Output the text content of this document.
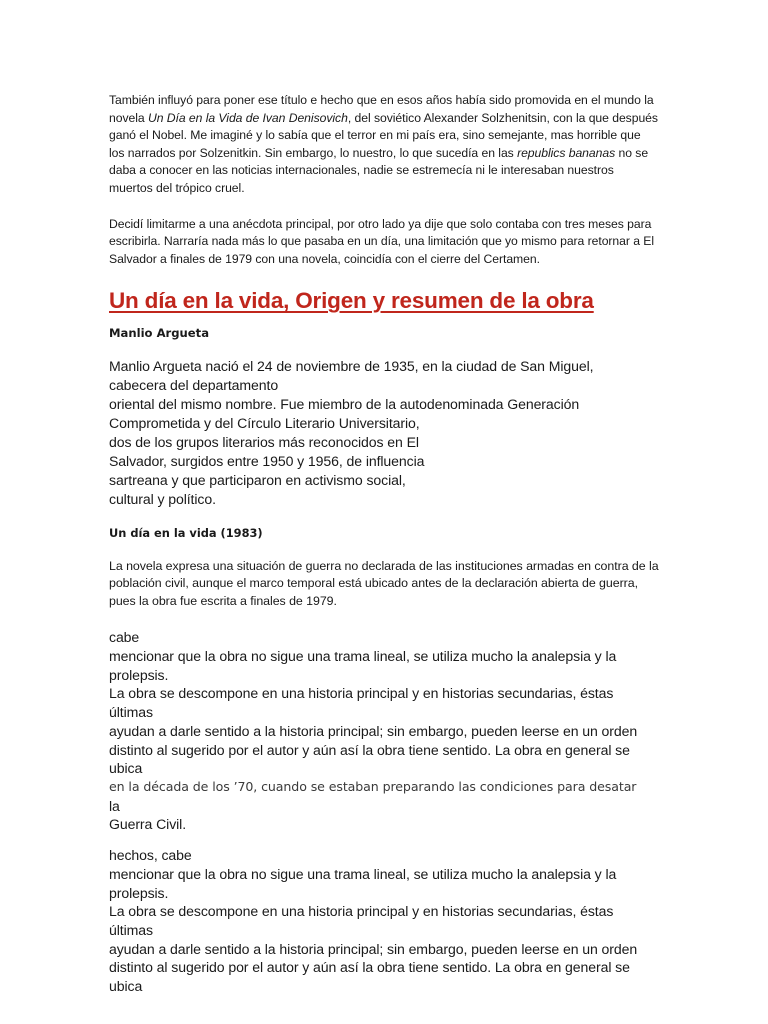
También influyó para poner ese título e hecho que en esos años había sido promovida en el mundo la novela Un Día en la Vida de Ivan Denisovich, del soviético Alexander Solzhenitsin, con la que después ganó el Nobel. Me imaginé y lo sabía que el terror en mi país era, sino semejante, mas horrible que los narrados por Solzenitkin. Sin embargo, lo nuestro, lo que sucedía en las republics bananas no se daba a conocer en las noticias internacionales, nadie se estremecía ni le interesaban nuestros muertos del trópico cruel.

Decidí limitarme a una anécdota principal, por otro lado ya dije que solo contaba con tres meses para escribirla. Narraría nada más lo que pasaba en un día, una limitación que yo mismo para retornar a El Salvador a finales de 1979 con una novela, coincidía con el cierre del Certamen.

Un día en la vida, Origen y resumen de la obra
Manlio Argueta
Manlio Argueta nació el 24 de noviembre de 1935, en la ciudad de San Miguel,
cabecera del departamento
oriental del mismo nombre. Fue miembro de la autodenominada Generación
Comprometida y del Círculo Literario Universitario,
dos de los grupos literarios más reconocidos en El
Salvador, surgidos entre 1950 y 1956, de influencia
sartreana y que participaron en activismo social,
cultural y político.
Un día en la vida (1983)

La novela expresa una situación de guerra no declarada de las instituciones armadas en contra de la población civil, aunque el marco temporal está ubicado antes de la declaración abierta de guerra, pues la obra fue escrita a finales de 1979.

cabe
mencionar que la obra no sigue una trama lineal, se utiliza mucho la analepsia y la
prolepsis.
La obra se descompone en una historia principal y en historias secundarias, éstas
últimas
ayudan a darle sentido a la historia principal; sin embargo, pueden leerse en un orden
distinto al sugerido por el autor y aún así la obra tiene sentido. La obra en general se
ubica
en la década de los ’70, cuando se estaban preparando las condiciones para desatar
la
Guerra Civil.
hechos, cabe
mencionar que la obra no sigue una trama lineal, se utiliza mucho la analepsia y la
prolepsis.
La obra se descompone en una historia principal y en historias secundarias, éstas
últimas
ayudan a darle sentido a la historia principal; sin embargo, pueden leerse en un orden
distinto al sugerido por el autor y aún así la obra tiene sentido. La obra en general se
ubica
